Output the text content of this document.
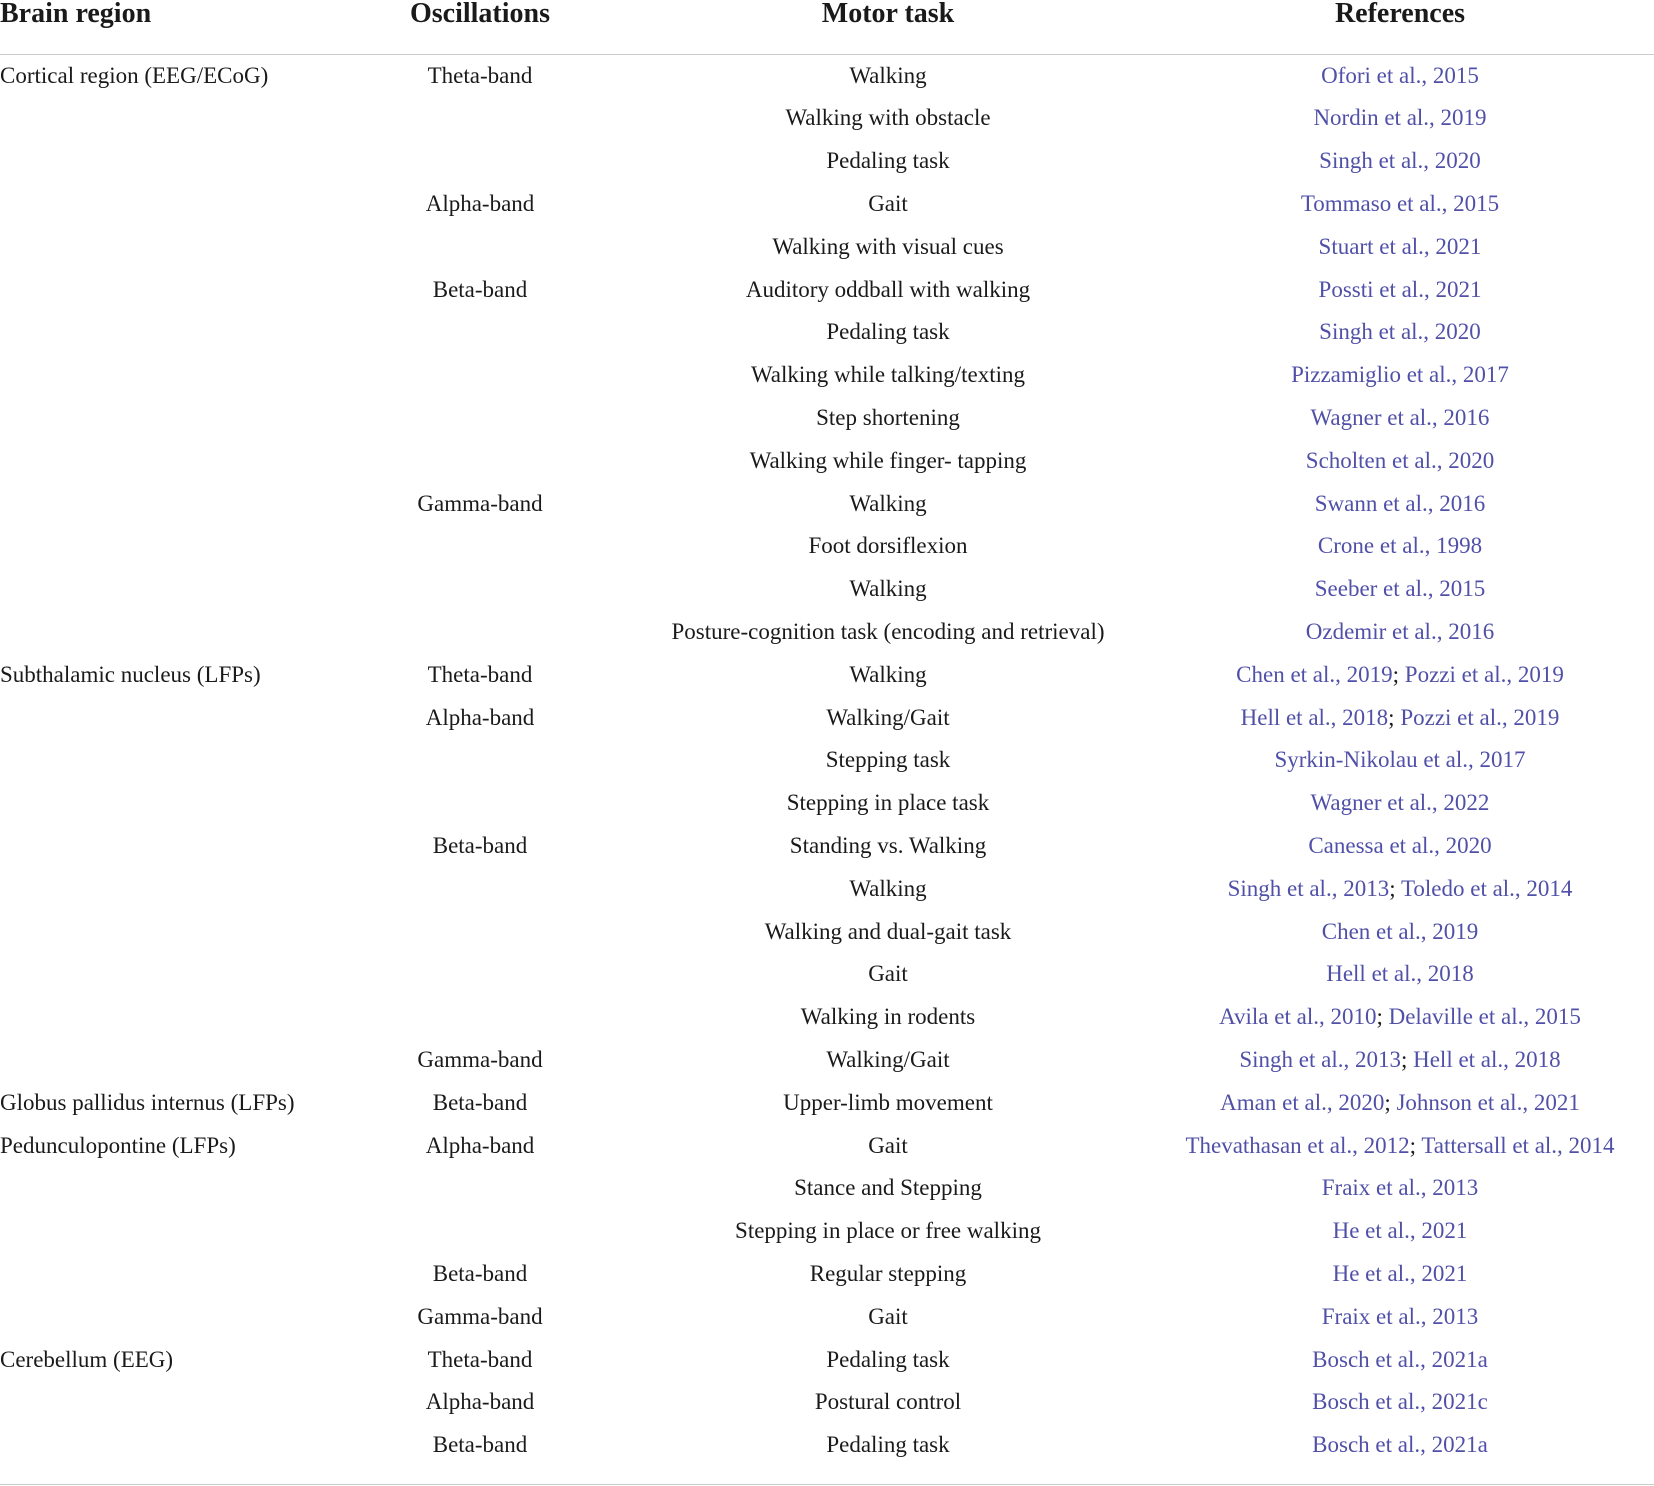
Brain region	Oscillations	Motor task	References
Cortical region (EEG/ECoG)	Theta-band	Walking	Ofori et al., 2015
		Walking with obstacle	Nordin et al., 2019
		Pedaling task	Singh et al., 2020
	Alpha-band	Gait	Tommaso et al., 2015
		Walking with visual cues	Stuart et al., 2021
	Beta-band	Auditory oddball with walking	Possti et al., 2021
		Pedaling task	Singh et al., 2020
		Walking while talking/texting	Pizzamiglio et al., 2017
		Step shortening	Wagner et al., 2016
		Walking while finger- tapping	Scholten et al., 2020
	Gamma-band	Walking	Swann et al., 2016
		Foot dorsiflexion	Crone et al., 1998
		Walking	Seeber et al., 2015
		Posture-cognition task (encoding and retrieval)	Ozdemir et al., 2016
Subthalamic nucleus (LFPs)	Theta-band	Walking	Chen et al., 2019; Pozzi et al., 2019
	Alpha-band	Walking/Gait	Hell et al., 2018; Pozzi et al., 2019
		Stepping task	Syrkin-Nikolau et al., 2017
		Stepping in place task	Wagner et al., 2022
	Beta-band	Standing vs. Walking	Canessa et al., 2020
		Walking	Singh et al., 2013; Toledo et al., 2014
		Walking and dual-gait task	Chen et al., 2019
		Gait	Hell et al., 2018
		Walking in rodents	Avila et al., 2010; Delaville et al., 2015
	Gamma-band	Walking/Gait	Singh et al., 2013; Hell et al., 2018
Globus pallidus internus (LFPs)	Beta-band	Upper-limb movement	Aman et al., 2020; Johnson et al., 2021
Pedunculopontine (LFPs)	Alpha-band	Gait	Thevathasan et al., 2012; Tattersall et al., 2014
		Stance and Stepping	Fraix et al., 2013
		Stepping in place or free walking	He et al., 2021
	Beta-band	Regular stepping	He et al., 2021
	Gamma-band	Gait	Fraix et al., 2013
Cerebellum (EEG)	Theta-band	Pedaling task	Bosch et al., 2021a
	Alpha-band	Postural control	Bosch et al., 2021c
	Beta-band	Pedaling task	Bosch et al., 2021a
